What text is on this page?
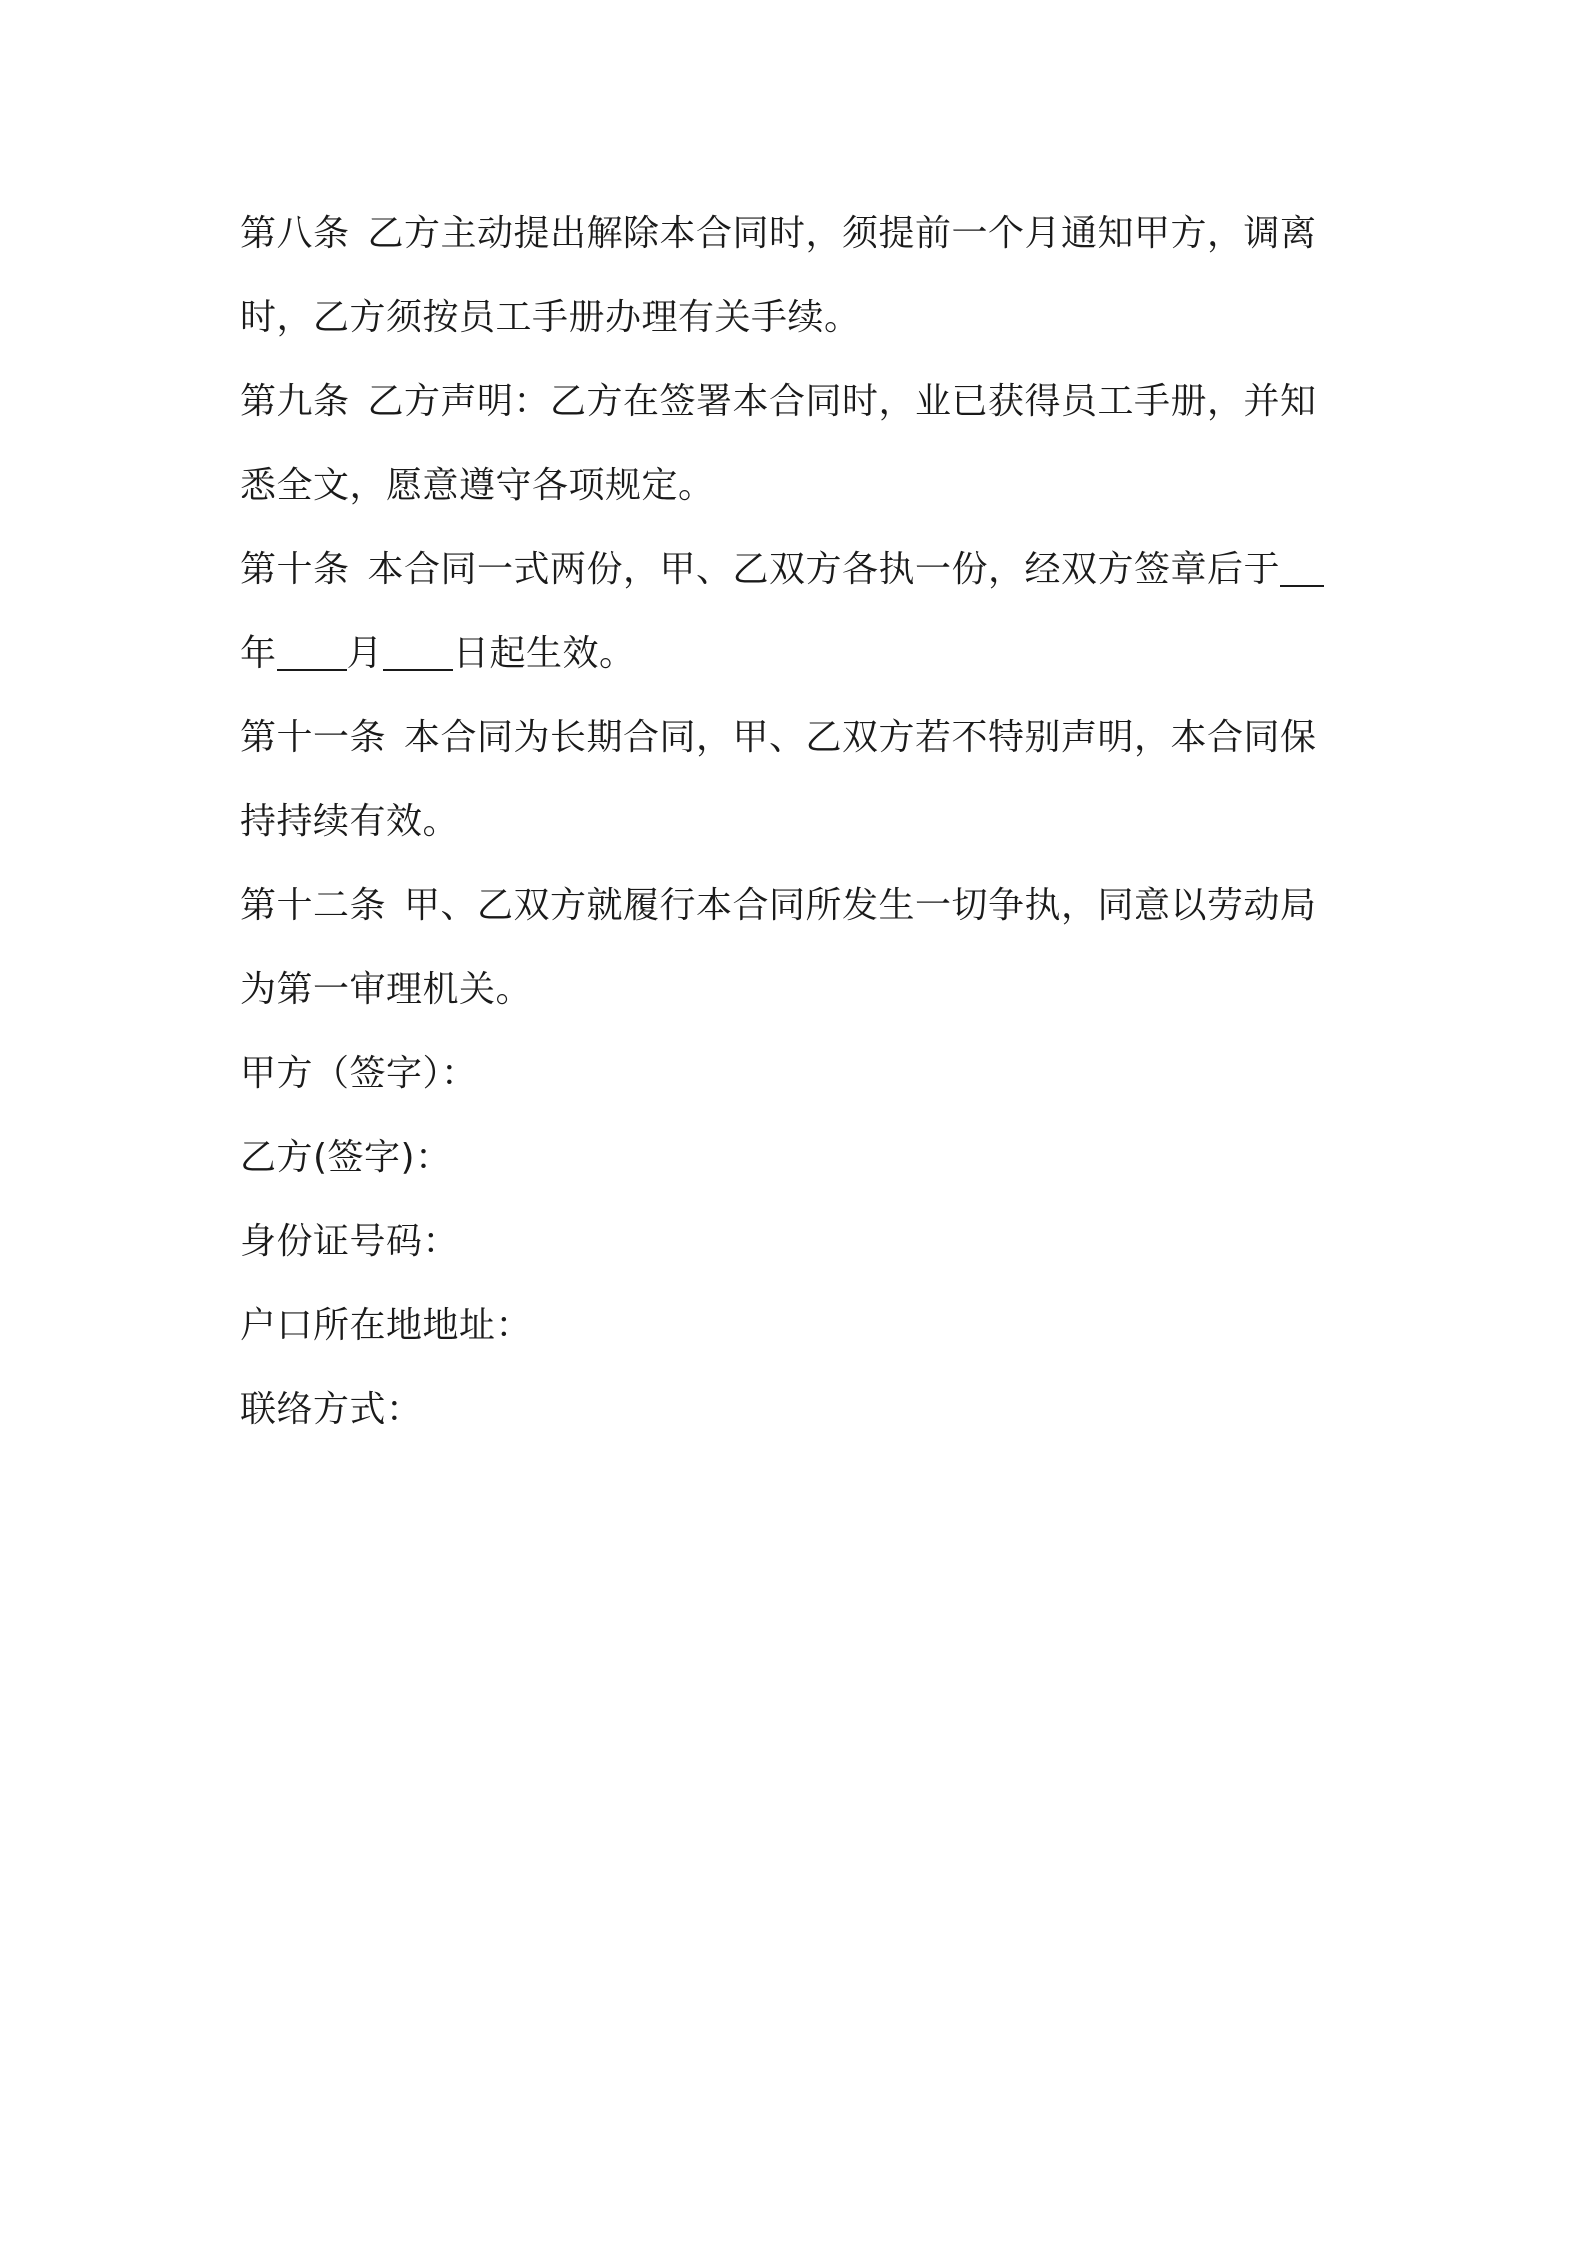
第八条 乙方主动提出解除本合同时，须提前一个月通知甲方，调离
时，乙方须按员工手册办理有关手续。
第九条 乙方声明：乙方在签署本合同时，业已获得员工手册，并知
悉全文，愿意遵守各项规定。
第十条 本合同一式两份，甲、乙双方各执一份，经双方签章后于
年 月 日起生效。
第十一条 本合同为长期合同，甲、乙双方若不特别声明，本合同保
持持续有效。
第十二条 甲、乙双方就履行本合同所发生一切争执，同意以劳动局
为第一审理机关。
甲方（签字）：
乙方(签字)：
身份证号码：
户口所在地地址：
联络方式：
